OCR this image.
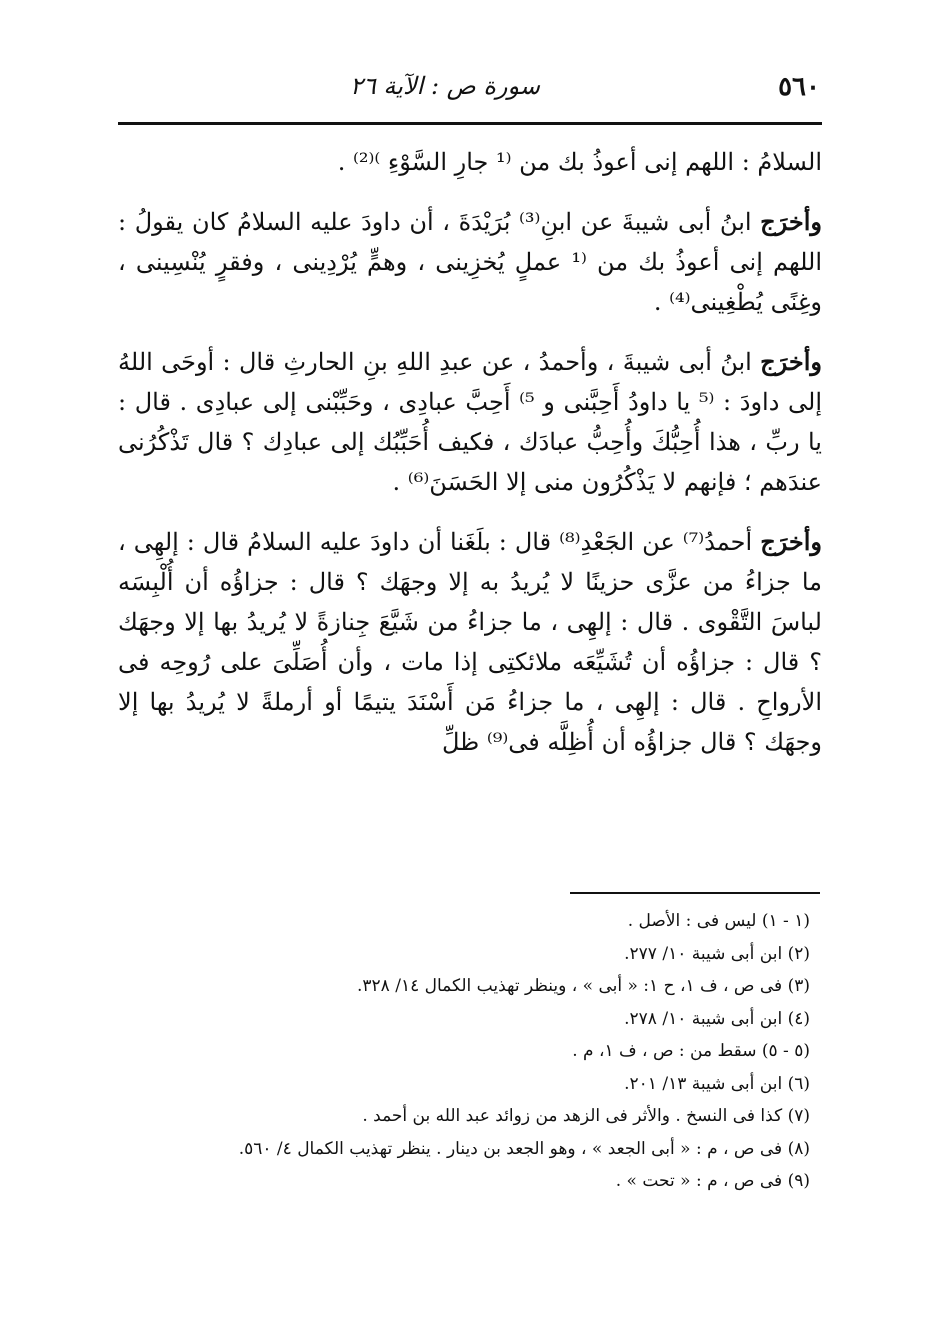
٥٦٠
سورة ص : الآية ٢٦

السلامُ : اللهم إنى أعوذُ بك من ⁽¹ جارِ السَّوْءِ ⁾⁽²⁾ .

وأخرَج ابنُ أبى شيبةَ عن ابنِ⁽³⁾ بُرَيْدَةَ ، أن داودَ عليه السلامُ كان يقولُ : اللهم إنى أعوذُ بك من ⁽¹ عملٍ يُخزِينى ، وهمٍّ يُرْدِينى ، وفقرٍ يُنْسِينى ، وغِنًى يُطْغِينى⁽⁴⁾ .

وأخرَج ابنُ أبى شيبةَ ، وأحمدُ ، عن عبدِ اللهِ بنِ الحارثِ قال : أوحَى اللهُ إلى داودَ : ⁽⁵ يا داودُ أَحِبَّنى و ⁵⁾ أَحِبَّ عبادِى ، وحَبِّبْنى إلى عبادِى . قال : يا ربِّ ، هذا أُحِبُّكَ وأُحِبُّ عبادَك ، فكيف أُحَبِّبُك إلى عبادِك ؟ قال تَذْكُرُنى عندَهم ؛ فإنهم لا يَذْكُرُون منى إلا الحَسَنَ⁽⁶⁾ .

وأخرَج أحمدُ⁽⁷⁾ عن الجَعْدِ⁽⁸⁾ قال : بلَغَنا أن داودَ عليه السلامُ قال : إلهِى ، ما جزاءُ من عزَّى حزينًا لا يُريدُ به إلا وجهَك ؟ قال : جزاؤُه أن أُلْبِسَه لباسَ التَّقْوى . قال : إلهِى ، ما جزاءُ من شَيَّعَ جِنازةً لا يُريدُ بها إلا وجهَك ؟ قال : جزاؤُه أن تُشَيِّعَه ملائكتِى إذا مات ، وأن أُصَلِّىَ على رُوحِه فى الأرواحِ . قال : إلهِى ، ما جزاءُ مَن أَسْنَدَ يتيمًا أو أرملةً لا يُريدُ بها إلا وجهَك ؟ قال جزاؤُه أن أُظِلَّه فى⁽⁹⁾ ظلِّ

(١ - ١) ليس فى : الأصل .
(٢) ابن أبى شيبة ١٠/ ٢٧٧.
(٣) فى ص ، ف ١، ح ١: « أبى » ، وينظر تهذيب الكمال ١٤/ ٣٢٨.
(٤) ابن أبى شيبة ١٠/ ٢٧٨.
(٥ - ٥) سقط من : ص ، ف ١، م .
(٦) ابن أبى شيبة ١٣/ ٢٠١.
(٧) كذا فى النسخ . والأثر فى الزهد من زوائد عبد الله بن أحمد .
(٨) فى ص ، م : « أبى الجعد » ، وهو الجعد بن دينار . ينظر تهذيب الكمال ٤/ ٥٦٠.
(٩) فى ص ، م : « تحت » .
